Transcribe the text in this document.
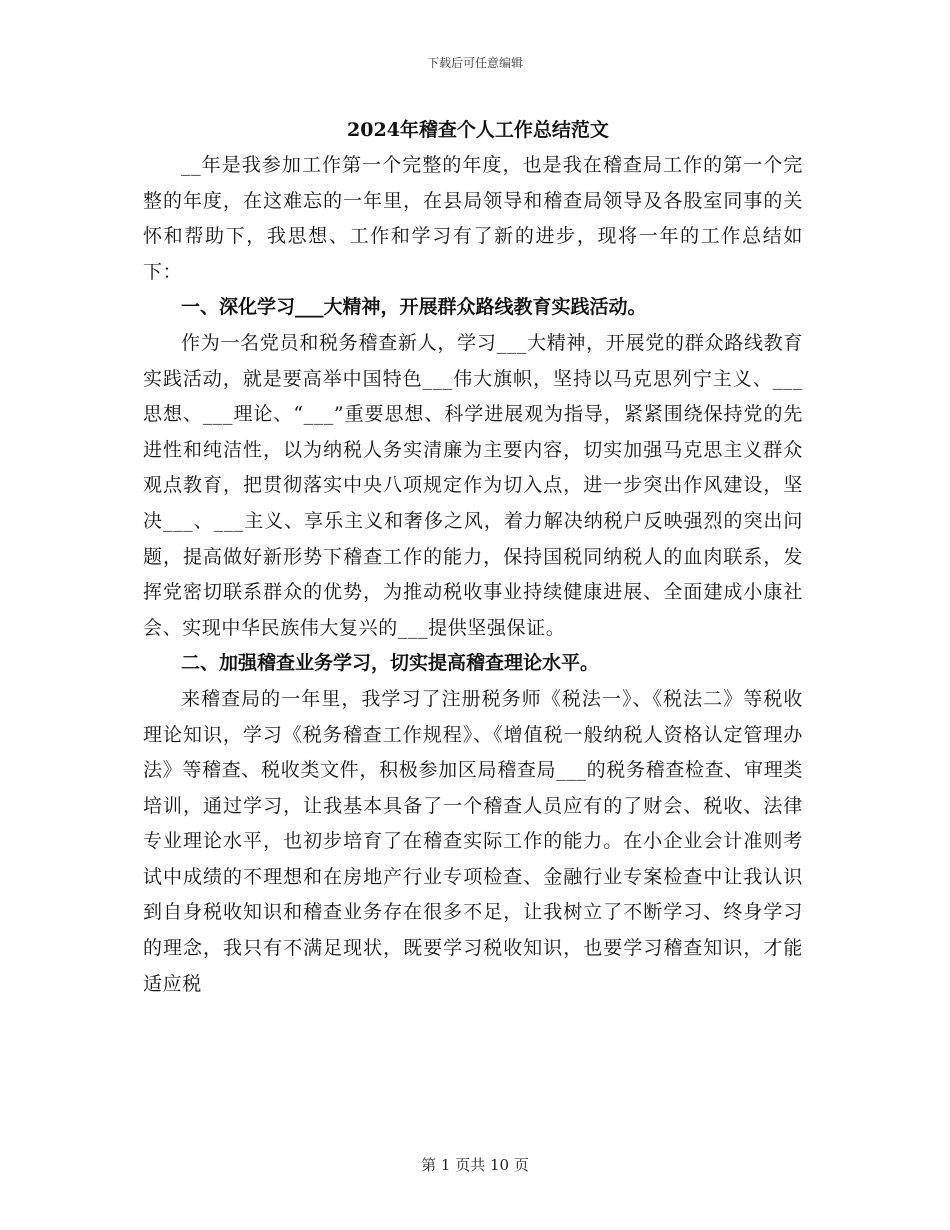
下载后可任意编辑

2024年稽查个人工作总结范文

__年是我参加工作第一个完整的年度，也是我在稽查局工作的第一个完整的年度，在这难忘的一年里，在县局领导和稽查局领导及各股室同事的关怀和帮助下，我思想、工作和学习有了新的进步，现将一年的工作总结如下：

一、深化学习___大精神，开展群众路线教育实践活动。

作为一名党员和税务稽查新人，学习___大精神，开展党的群众路线教育实践活动，就是要高举中国特色___伟大旗帜，坚持以马克思列宁主义、___思想、___理论、“___”重要思想、科学进展观为指导，紧紧围绕保持党的先进性和纯洁性，以为纳税人务实清廉为主要内容，切实加强马克思主义群众观点教育，把贯彻落实中央八项规定作为切入点，进一步突出作风建设，坚决___、___主义、享乐主义和奢侈之风，着力解决纳税户反映强烈的突出问题，提高做好新形势下稽查工作的能力，保持国税同纳税人的血肉联系，发挥党密切联系群众的优势，为推动税收事业持续健康进展、全面建成小康社会、实现中华民族伟大复兴的___提供坚强保证。

二、加强稽查业务学习，切实提高稽查理论水平。

来稽查局的一年里，我学习了注册税务师《税法一》、《税法二》等税收理论知识，学习《税务稽查工作规程》、《增值税一般纳税人资格认定管理办法》等稽查、税收类文件，积极参加区局稽查局___的税务稽查检查、审理类培训，通过学习，让我基本具备了一个稽查人员应有的了财会、税收、法律专业理论水平，也初步培育了在稽查实际工作的能力。在小企业会计准则考试中成绩的不理想和在房地产行业专项检查、金融行业专案检查中让我认识到自身税收知识和稽查业务存在很多不足，让我树立了不断学习、终身学习的理念，我只有不满足现状，既要学习税收知识，也要学习稽查知识，才能适应税

第 1 页共 10 页
